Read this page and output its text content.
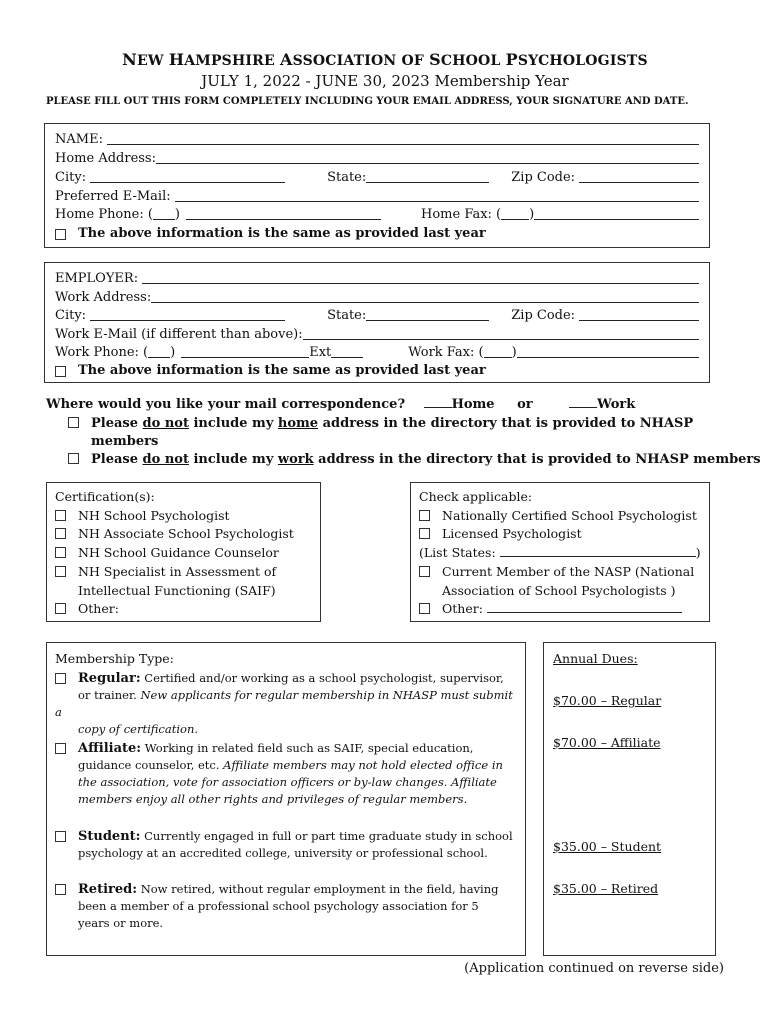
NEW HAMPSHIRE ASSOCIATION OF SCHOOL PSYCHOLOGISTS
JULY 1, 2022 - JUNE 30, 2023 Membership Year
PLEASE FILL OUT THIS FORM COMPLETELY INCLUDING YOUR EMAIL ADDRESS, YOUR SIGNATURE AND DATE.
NAME:
Home Address:
City:	State:	Zip Code:
Preferred E-Mail:
Home Phone: ( )	Home Fax: ( )
The above information is the same as provided last year
EMPLOYER:
Work Address:
City:	State:	Zip Code:
Work E-Mail (if different than above):
Work Phone: ( )	Ext	Work Fax: ( )
The above information is the same as provided last year
Where would you like your mail correspondence?	Home or	Work
Please do not include my home address in the directory that is provided to NHASP
members
Please do not include my work address in the directory that is provided to NHASP members
Certification(s):
NH School Psychologist
NH Associate School Psychologist
NH School Guidance Counselor
NH Specialist in Assessment of
Intellectual Functioning (SAIF)
Other:
Check applicable:
Nationally Certified School Psychologist
Licensed Psychologist
(List States:	)
Current Member of the NASP (National
Association of School Psychologists )
Other:
Membership Type:
Regular: Certified and/or working as a school psychologist, supervisor,
or trainer. New applicants for regular membership in NHASP must submit a
copy of certification.
Affiliate: Working in related field such as SAIF, special education,
guidance counselor, etc. Affiliate members may not hold elected office in
the association, vote for association officers or by-law changes. Affiliate
members enjoy all other rights and privileges of regular members.
Student: Currently engaged in full or part time graduate study in school
psychology at an accredited college, university or professional school.
Retired: Now retired, without regular employment in the field, having
been a member of a professional school psychology association for 5
years or more.
Annual Dues:
$70.00 – Regular
$70.00 – Affiliate
$35.00 – Student
$35.00 – Retired
(Application continued on reverse side)
